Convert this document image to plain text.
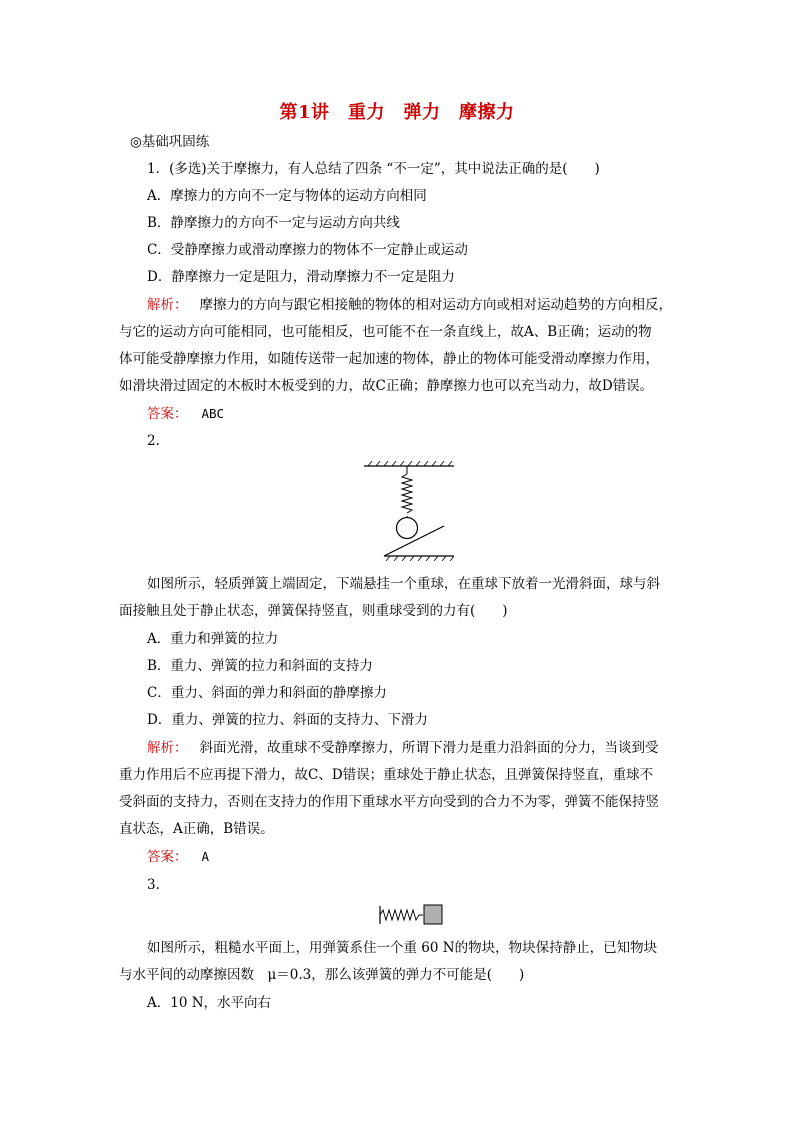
第1讲　重力　弹力　摩擦力
◎基础巩固练
1．(多选)关于摩擦力，有人总结了四条 “不一定”，其中说法正确的是(　　)
A．摩擦力的方向不一定与物体的运动方向相同
B．静摩擦力的方向不一定与运动方向共线
C．受静摩擦力或滑动摩擦力的物体不一定静止或运动
D．静摩擦力一定是阻力，滑动摩擦力不一定是阻力
解析： 摩擦力的方向与跟它相接触的物体的相对运动方向或相对运动趋势的方向相反，
与它的运动方向可能相同，也可能相反，也可能不在一条直线上，故A、B正确；运动的物
体可能受静摩擦力作用，如随传送带一起加速的物体，静止的物体可能受滑动摩擦力作用，
如滑块滑过固定的木板时木板受到的力，故C正确；静摩擦力也可以充当动力，故D错误。
答案： ABC
2.
如图所示，轻质弹簧上端固定，下端悬挂一个重球，在重球下放着一光滑斜面，球与斜
面接触且处于静止状态，弹簧保持竖直，则重球受到的力有(　　)
A．重力和弹簧的拉力
B．重力、弹簧的拉力和斜面的支持力
C．重力、斜面的弹力和斜面的静摩擦力
D．重力、弹簧的拉力、斜面的支持力、下滑力
解析： 斜面光滑，故重球不受静摩擦力，所谓下滑力是重力沿斜面的分力，当谈到受
重力作用后不应再提下滑力，故C、D错误；重球处于静止状态，且弹簧保持竖直，重球不
受斜面的支持力，否则在支持力的作用下重球水平方向受到的合力不为零，弹簧不能保持竖
直状态，A正确，B错误。
答案： A
3.
如图所示，粗糙水平面上，用弹簧系住一个重 60 N的物块，物块保持静止，已知物块
与水平间的动摩擦因数　μ＝0.3，那么该弹簧的弹力不可能是(　　)
A．10 N，水平向右
